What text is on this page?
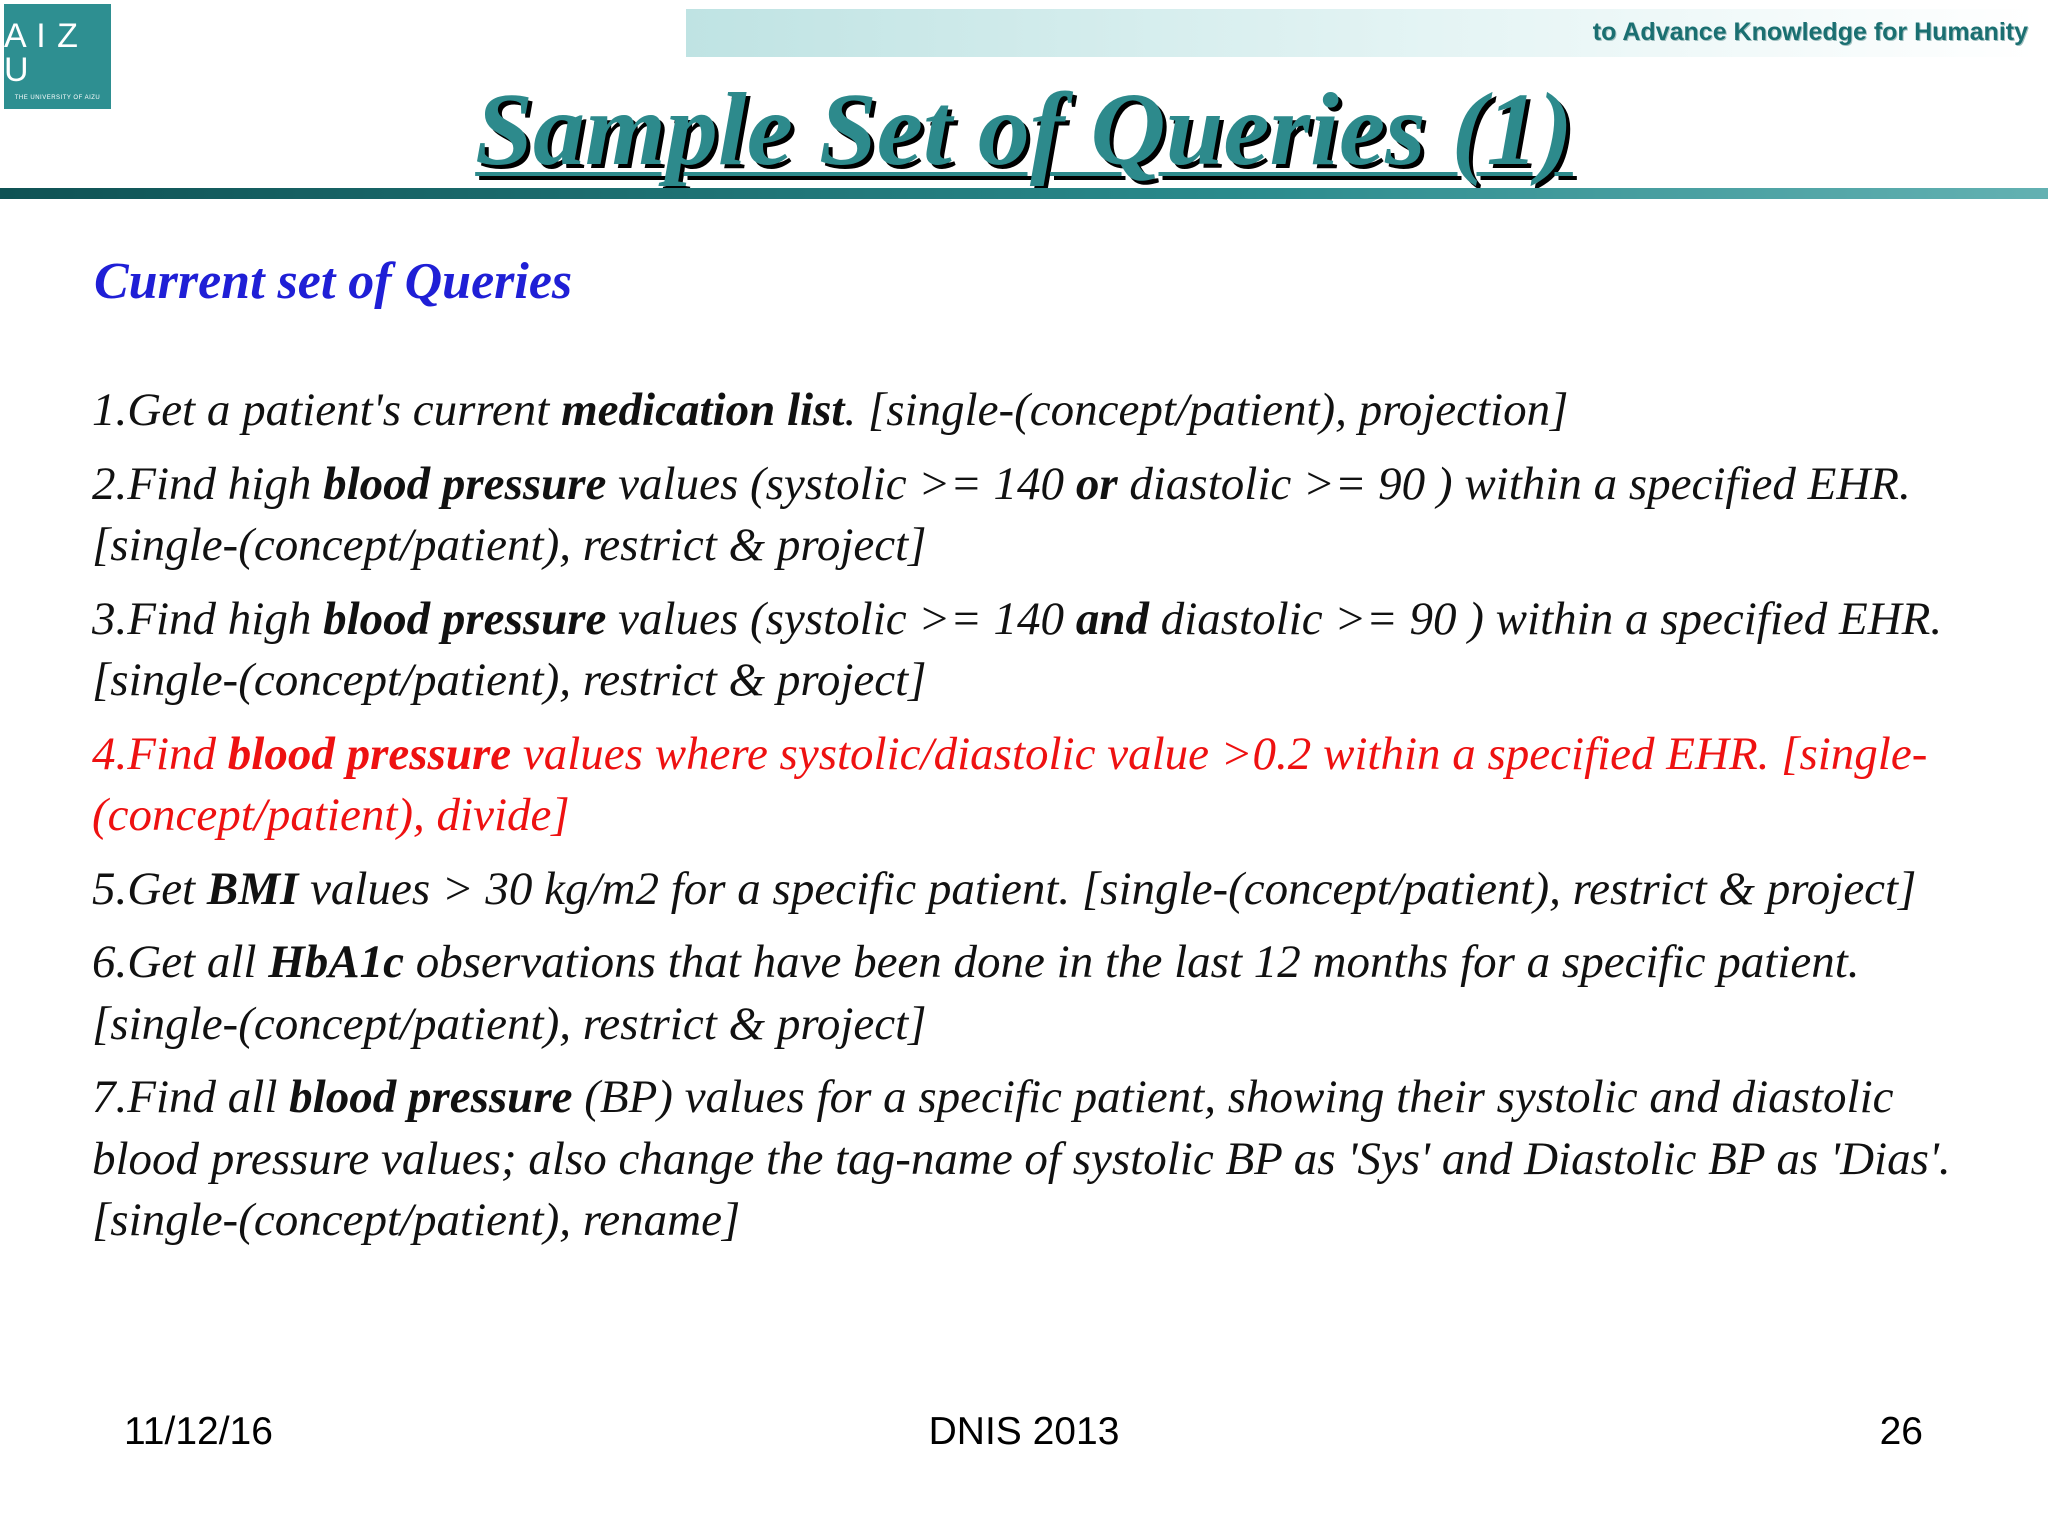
A I Z U
THE UNIVERSITY OF AIZU
to Advance Knowledge for Humanity
Sample Set of Queries (1)
Current set of Queries
1.Get a patient's current medication list. [single-(concept/patient), projection]
2.Find high blood pressure values (systolic >= 140 or diastolic >= 90 ) within a specified EHR.[single-(concept/patient), restrict & project]
3.Find high blood pressure values (systolic >= 140 and diastolic >= 90 ) within a specified EHR. [single-(concept/patient), restrict & project]
4.Find blood pressure values where systolic/diastolic value >0.2 within a specified EHR. [single-(concept/patient), divide]
5.Get BMI values > 30 kg/m2 for a specific patient. [single-(concept/patient), restrict & project]
6.Get all HbA1c observations that have been done in the last 12 months for a specific patient. [single-(concept/patient), restrict & project]
7.Find all blood pressure (BP) values for a specific patient, showing their systolic and diastolic blood pressure values; also change the tag-name of systolic BP as 'Sys' and Diastolic BP as 'Dias'. [single-(concept/patient), rename]
11/12/16	DNIS 2013	26
